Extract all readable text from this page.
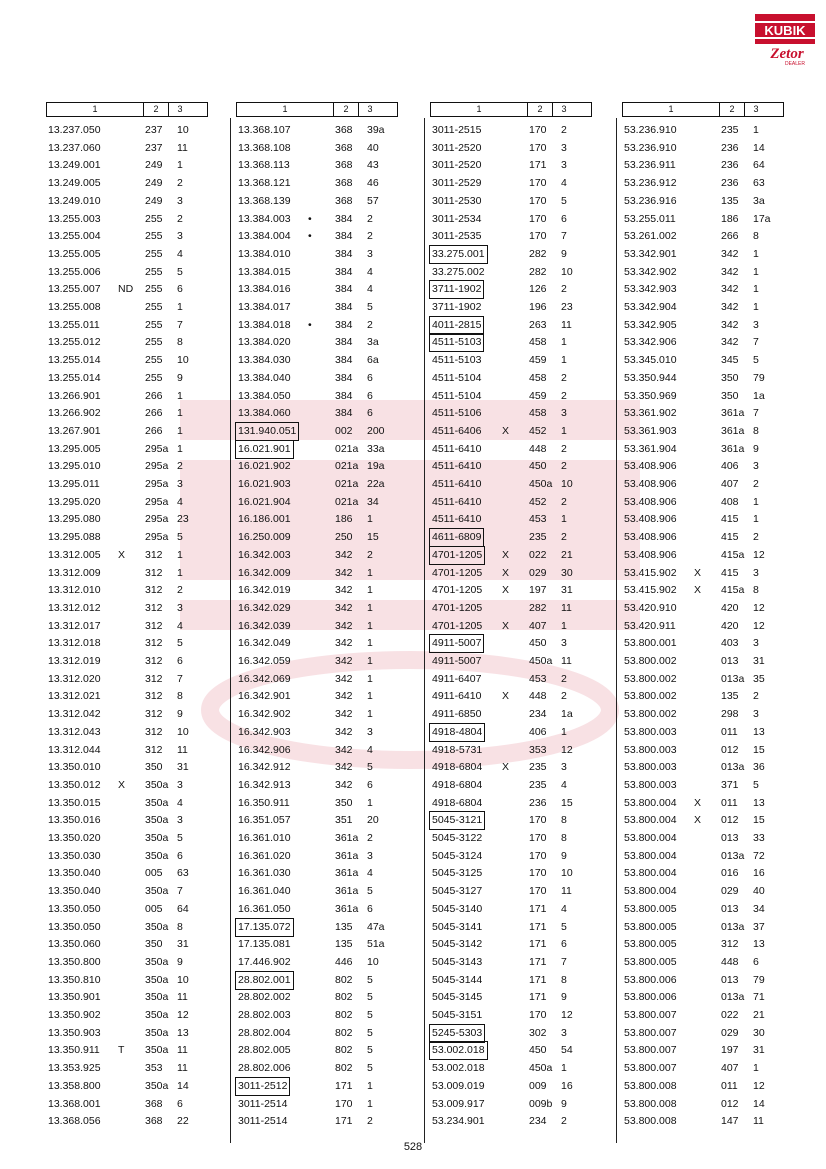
KUBIK
Zetor
DEALER
1	2	3
13.237.050	237 10
13.237.060	237 11
13.249.001	249 1
13.249.005	249 2
13.249.010	249 3
13.255.003	255 2
13.255.004	255 3
13.255.005	255 4
13.255.006	255 5
13.255.007 ND 255 6
13.255.008	255 1
13.255.011	255 7
13.255.012	255 8
13.255.014	255 10
13.255.014	255 9
13.266.901	266 1
13.266.902	266 1
13.267.901	266 1
13.295.005	295a 1
13.295.010	295a 2
13.295.011	295a 3
13.295.020	295a 4
13.295.080	295a 23
13.295.088	295a 5
13.312.005 X 312 1
13.312.009	312 1
13.312.010	312 2
13.312.012	312 3
13.312.017	312 4
13.312.018	312 5
13.312.019	312 6
13.312.020	312 7
13.312.021	312 8
13.312.042	312 9
13.312.043	312 10
13.312.044	312 11
13.350.010	350 31
13.350.012 X 350a 3
13.350.015	350a 4
13.350.016	350a 3
13.350.020	350a 5
13.350.030	350a 6
13.350.040	005 63
13.350.040	350a 7
13.350.050	005 64
13.350.050	350a 8
13.350.060	350 31
13.350.800	350a 9
13.350.810	350a 10
13.350.901	350a 11
13.350.902	350a 12
13.350.903	350a 13
13.350.911 T 350a 11
13.353.925	353 11
13.358.800	350a 14
13.368.001	368 6
13.368.056	368 22
1	2	3
13.368.107	368 39a
13.368.108	368 40
13.368.113	368 43
13.368.121	368 46
13.368.139	368 57
13.384.003 • 384 2
13.384.004 • 384 2
13.384.010	384 3
13.384.015	384 4
13.384.016	384 4
13.384.017	384 5
13.384.018 • 384 2
13.384.020	384 3a
13.384.030	384 6a
13.384.040	384 6
13.384.050	384 6
13.384.060	384 6
131.940.051	002 200
16.021.901	021a 33a
16.021.902	021a 19a
16.021.903	021a 22a
16.021.904	021a 34
16.186.001	186 1
16.250.009	250 15
16.342.003	342 2
16.342.009	342 1
16.342.019	342 1
16.342.029	342 1
16.342.039	342 1
16.342.049	342 1
16.342.059	342 1
16.342.069	342 1
16.342.901	342 1
16.342.902	342 1
16.342.903	342 3
16.342.906	342 4
16.342.912	342 5
16.342.913	342 6
16.350.911	350 1
16.351.057	351 20
16.361.010	361a 2
16.361.020	361a 3
16.361.030	361a 4
16.361.040	361a 5
16.361.050	361a 6
17.135.072	135 47a
17.135.081	135 51a
17.446.902	446 10
28.802.001	802 5
28.802.002	802 5
28.802.003	802 5
28.802.004	802 5
28.802.005	802 5
28.802.006	802 5
3011-2512	171 1
3011-2514	170 1
3011-2514	171 2
1	2	3
3011-2515	170 2
3011-2520	170 3
3011-2520	171 3
3011-2529	170 4
3011-2530	170 5
3011-2534	170 6
3011-2535	170 7
33.275.001	282 9
33.275.002	282 10
3711-1902	126 2
3711-1902	196 23
4011-2815	263 11
4511-5103	458 1
4511-5103	459 1
4511-5104	458 2
4511-5104	459 2
4511-5106	458 3
4511-6406 X 452 1
4511-6410	448 2
4511-6410	450 2
4511-6410	450a 10
4511-6410	452 2
4511-6410	453 1
4611-6809	235 2
4701-1205 X 022 21
4701-1205 X 029 30
4701-1205 X 197 31
4701-1205	282 11
4701-1205 X 407 1
4911-5007	450 3
4911-5007	450a 11
4911-6407	453 2
4911-6410 X 448 2
4911-6850	234 1a
4918-4804	406 1
4918-5731	353 12
4918-6804 X 235 3
4918-6804	235 4
4918-6804	236 15
5045-3121	170 8
5045-3122	170 8
5045-3124	170 9
5045-3125	170 10
5045-3127	170 11
5045-3140	171 4
5045-3141	171 5
5045-3142	171 6
5045-3143	171 7
5045-3144	171 8
5045-3145	171 9
5045-3151	170 12
5245-5303	302 3
53.002.018	450 54
53.002.018	450a 1
53.009.019	009 16
53.009.917	009b 9
53.234.901	234 2
1	2	3
53.236.910	235 1
53.236.910	236 14
53.236.911	236 64
53.236.912	236 63
53.236.916	135 3a
53.255.011	186 17a
53.261.002	266 8
53.342.901	342 1
53.342.902	342 1
53.342.903	342 1
53.342.904	342 1
53.342.905	342 3
53.342.906	342 7
53.345.010	345 5
53.350.944	350 79
53.350.969	350 1a
53.361.902	361a 7
53.361.903	361a 8
53.361.904	361a 9
53.408.906	406 3
53.408.906	407 2
53.408.906	408 1
53.408.906	415 1
53.408.906	415 2
53.408.906	415a 12
53.415.902 X 415 3
53.415.902 X 415a 8
53.420.910	420 12
53.420.911	420 12
53.800.001	403 3
53.800.002	013 31
53.800.002	013a 35
53.800.002	135 2
53.800.002	298 3
53.800.003	011 13
53.800.003	012 15
53.800.003	013a 36
53.800.003	371 5
53.800.004 X 011 13
53.800.004 X 012 15
53.800.004	013 33
53.800.004	013a 72
53.800.004	016 16
53.800.004	029 40
53.800.005	013 34
53.800.005	013a 37
53.800.005	312 13
53.800.005	448 6
53.800.006	013 79
53.800.006	013a 71
53.800.007	022 21
53.800.007	029 30
53.800.007	197 31
53.800.007	407 1
53.800.008	011 12
53.800.008	012 14
53.800.008	147 11
528
